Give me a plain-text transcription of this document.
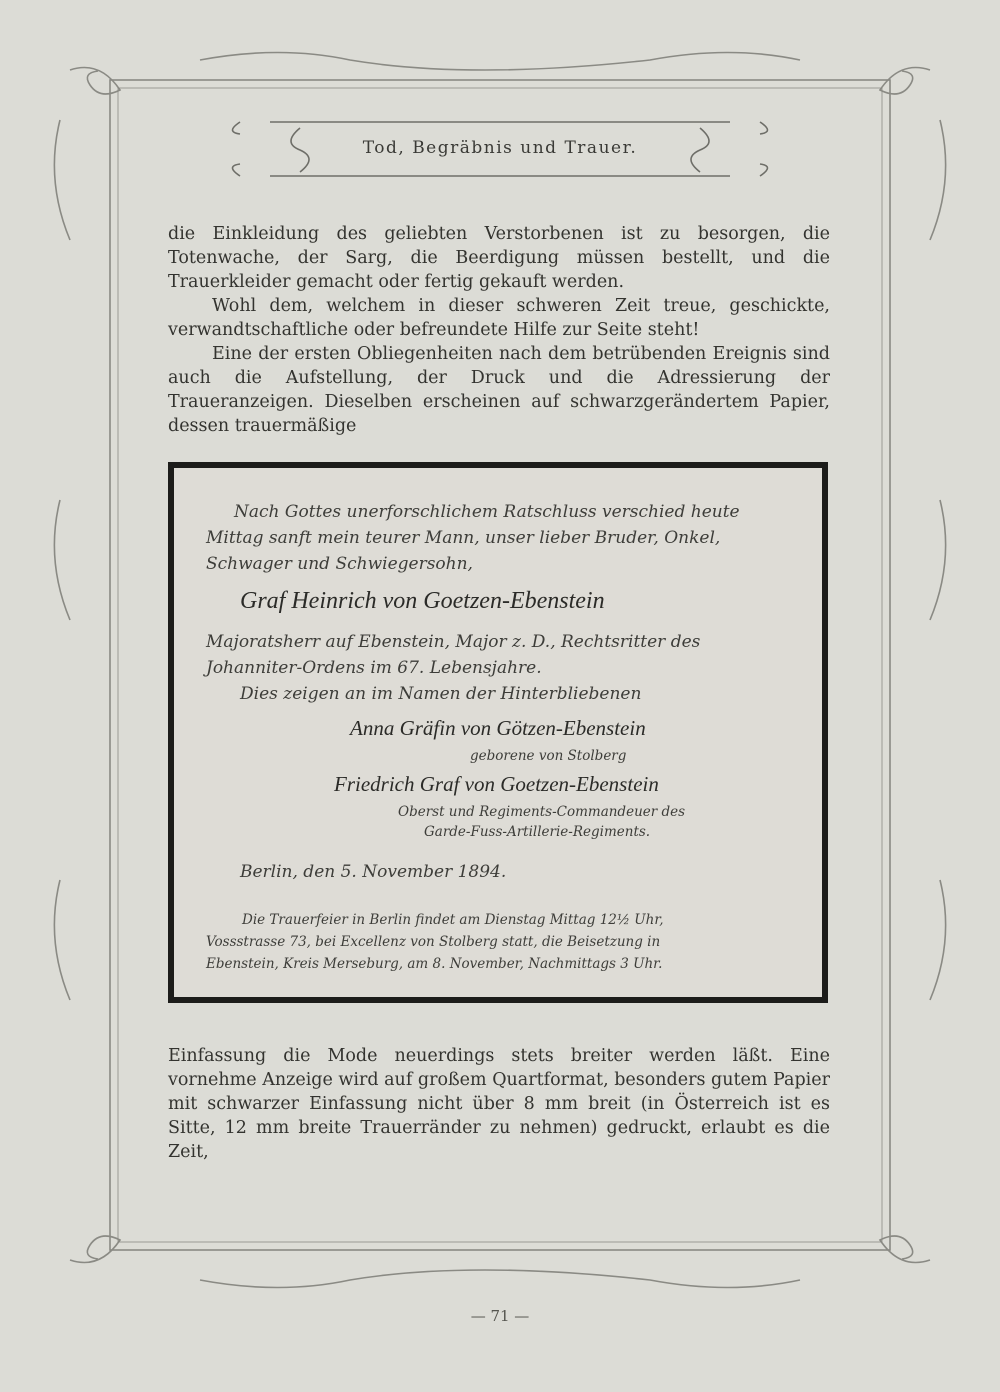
Tod, Begräbnis und Trauer.

die Einkleidung des geliebten Verstorbenen ist zu besorgen, die Totenwache, der Sarg, die Beerdigung müssen bestellt, und die Trauerkleider gemacht oder fertig gekauft werden.

Wohl dem, welchem in dieser schweren Zeit treue, geschickte, verwandtschaftliche oder befreundete Hilfe zur Seite steht!

Eine der ersten Obliegenheiten nach dem betrübenden Ereignis sind auch die Aufstellung, der Druck und die Adressierung der Traueranzeigen. Dieselben erscheinen auf schwarzgerändertem Papier, dessen trauermäßige

Nach Gottes unerforschlichem Ratschluss verschied heute
Mittag sanft mein teurer Mann, unser lieber Bruder, Onkel,
Schwager und Schwiegersohn,
Graf Heinrich von Goetzen-Ebenstein
Majoratsherr auf Ebenstein, Major z. D., Rechtsritter des
Johanniter-Ordens im 67. Lebensjahre.
Dies zeigen an im Namen der Hinterbliebenen
Anna Gräfin von Götzen-Ebenstein
geborene von Stolberg
Friedrich Graf von Goetzen-Ebenstein
Oberst und Regiments-Commandeuer des
Garde-Fuss-Artillerie-Regiments.
Berlin, den 5. November 1894.
Die Trauerfeier in Berlin findet am Dienstag Mittag 12½ Uhr,
Vossstrasse 73, bei Excellenz von Stolberg statt, die Beisetzung in
Ebenstein, Kreis Merseburg, am 8. November, Nachmittags 3 Uhr.

Einfassung die Mode neuerdings stets breiter werden läßt. Eine vornehme Anzeige wird auf großem Quartformat, besonders gutem Papier mit schwarzer Einfassung nicht über 8 mm breit (in Österreich ist es Sitte, 12 mm breite Trauerränder zu nehmen) gedruckt, erlaubt es die Zeit,

— 71 —
